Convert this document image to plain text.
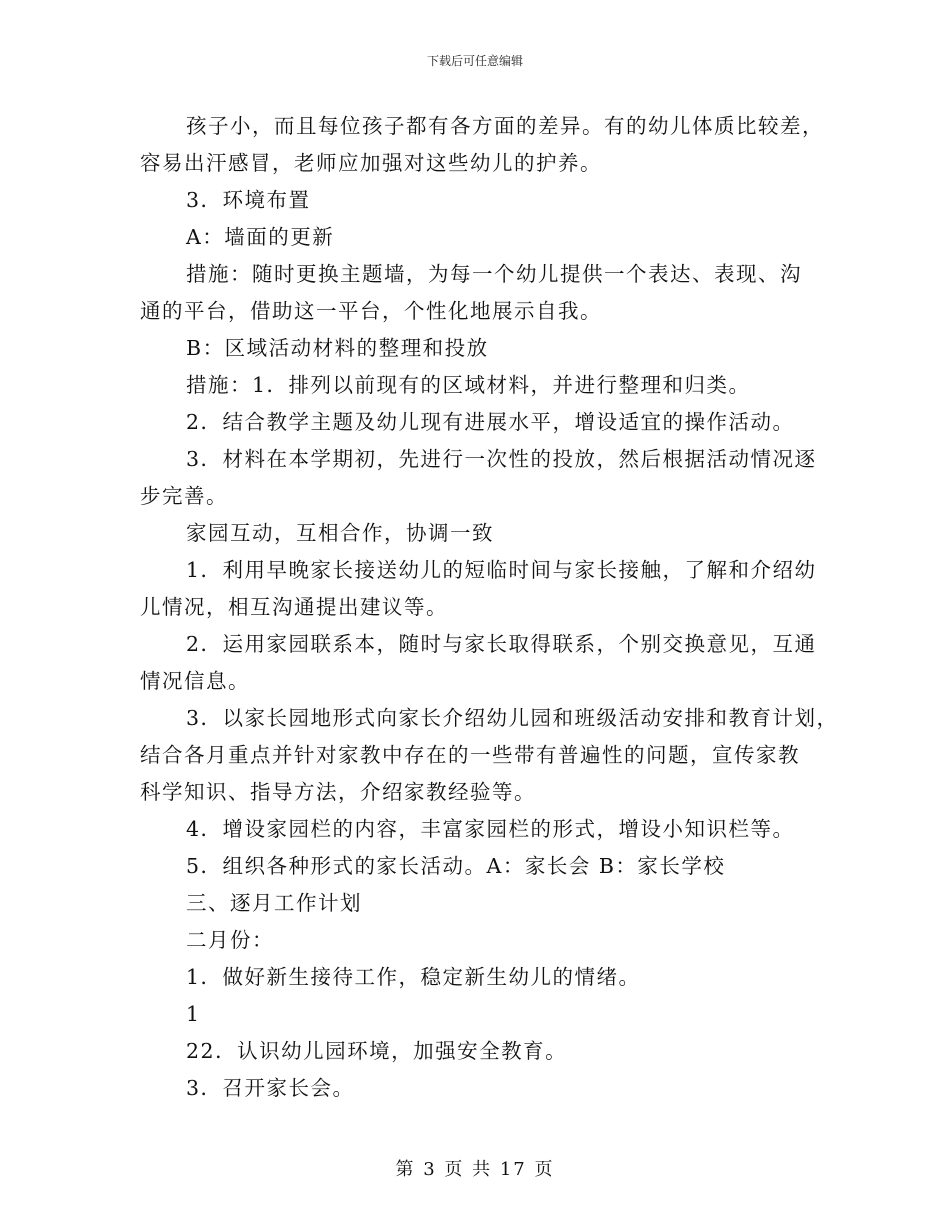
下载后可任意编辑

孩子小，而且每位孩子都有各方面的差异。有的幼儿体质比较差，

容易出汗感冒，老师应加强对这些幼儿的护养。

3．环境布置

A：墙面的更新

措施：随时更换主题墙，为每一个幼儿提供一个表达、表现、沟

通的平台，借助这一平台，个性化地展示自我。

B：区域活动材料的整理和投放

措施：1．排列以前现有的区域材料，并进行整理和归类。

2．结合教学主题及幼儿现有进展水平，增设适宜的操作活动。

3．材料在本学期初，先进行一次性的投放，然后根据活动情况逐

步完善。

家园互动，互相合作，协调一致

1．利用早晚家长接送幼儿的短临时间与家长接触，了解和介绍幼

儿情况，相互沟通提出建议等。

2．运用家园联系本，随时与家长取得联系，个别交换意见，互通

情况信息。

3．以家长园地形式向家长介绍幼儿园和班级活动安排和教育计划，

结合各月重点并针对家教中存在的一些带有普遍性的问题，宣传家教

科学知识、指导方法，介绍家教经验等。

4．增设家园栏的内容，丰富家园栏的形式，增设小知识栏等。

5．组织各种形式的家长活动。A：家长会 B：家长学校

三、逐月工作计划

二月份：

1．做好新生接待工作，稳定新生幼儿的情绪。

1

22．认识幼儿园环境，加强安全教育。

3．召开家长会。

第 3 页 共 17 页
